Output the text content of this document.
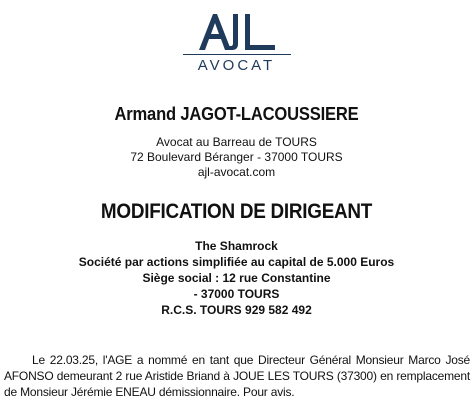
AVOCAT
Armand JAGOT-LACOUSSIERE
Avocat au Barreau de TOURS
72 Boulevard Béranger - 37000 TOURS
ajl-avocat.com
MODIFICATION DE DIRIGEANT
The Shamrock
Société par actions simplifiée au capital de 5.000 Euros
Siège social : 12 rue Constantine
- 37000 TOURS
R.C.S. TOURS 929 582 492
Le 22.03.25, l'AGE a nommé en tant que Directeur Général Monsieur Marco José AFONSO demeurant 2 rue Aristide Briand à JOUE LES TOURS (37300) en remplacement de Monsieur Jérémie ENEAU démissionnaire. Pour avis.
